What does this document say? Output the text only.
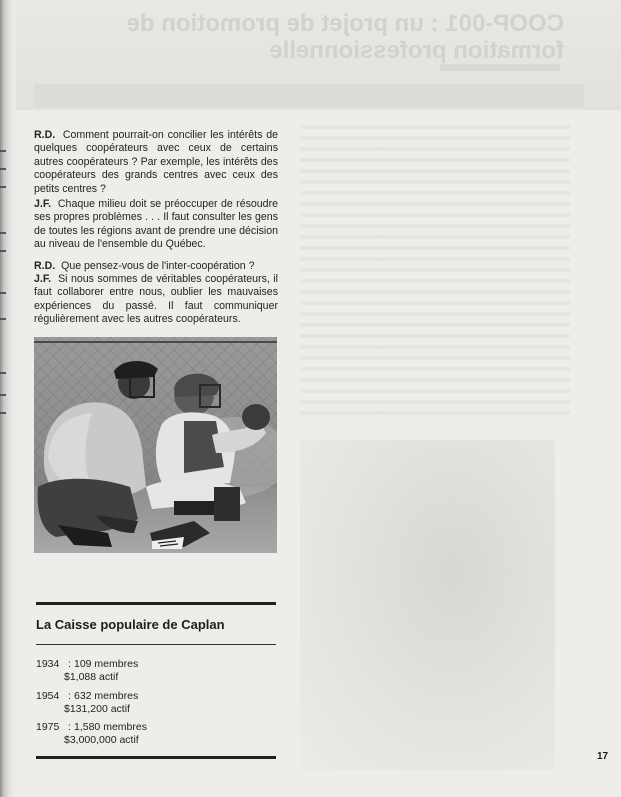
COOP-001 : un projet de promotion de formation professionnelle

R.D. Comment pourrait-on concilier les intérêts de quelques coopérateurs avec ceux de certains autres coopérateurs ? Par exemple, les intérêts des coopérateurs des grands centres avec ceux des petits centres ?

J.F. Chaque milieu doit se préoccuper de résoudre ses propres problèmes . . . Il faut consulter les gens de toutes les régions avant de prendre une décision au niveau de l'ensemble du Québec.

R.D. Que pensez-vous de l'inter-coopération ?

J.F. Si nous sommes de véritables coopérateurs, il faut collaborer entre nous, oublier les mauvaises expériences du passé. Il faut communiquer régulièrement avec les autres coopérateurs.

La Caisse populaire de Caplan
1934 : 109 membres
$1,088 actif
1954 : 632 membres
$131,200 actif
1975 : 1,580 membres
$3,000,000 actif
17
